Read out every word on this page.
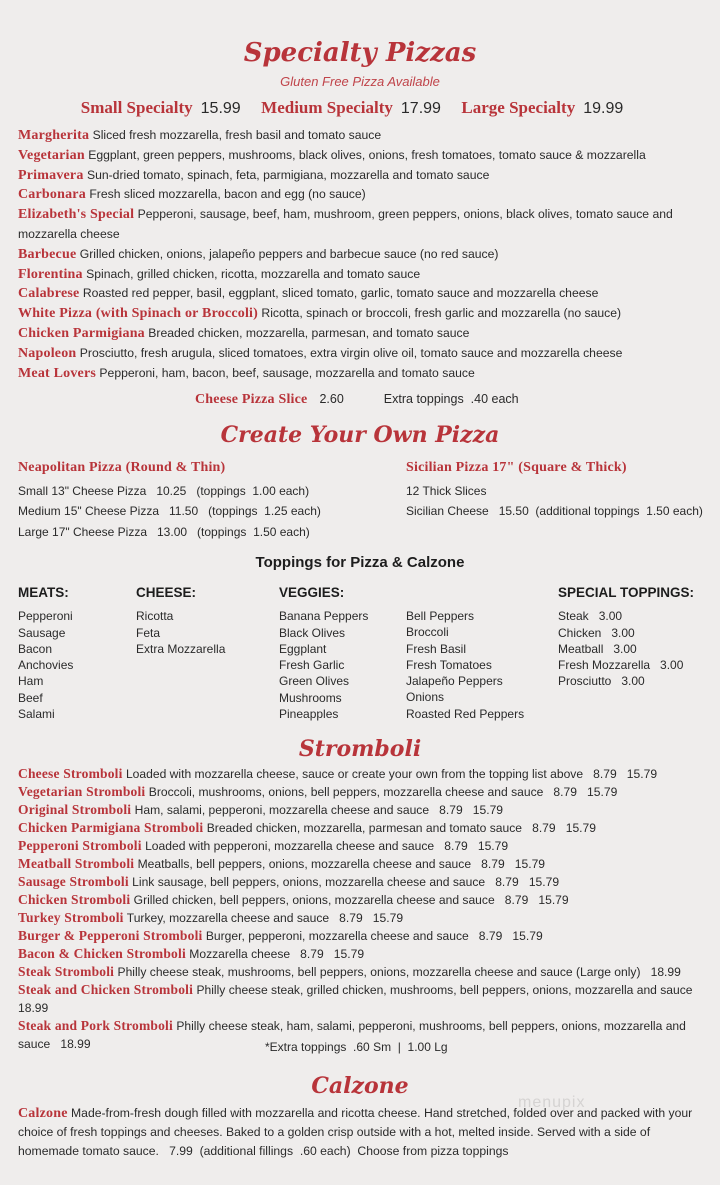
Specialty Pizzas
Gluten Free Pizza Available
Small Specialty 15.99 Medium Specialty 17.99 Large Specialty 19.99

Margherita Sliced fresh mozzarella, fresh basil and tomato sauce

Vegetarian Eggplant, green peppers, mushrooms, black olives, onions, fresh tomatoes, tomato sauce & mozzarella

Primavera Sun-dried tomato, spinach, feta, parmigiana, mozzarella and tomato sauce

Carbonara Fresh sliced mozzarella, bacon and egg (no sauce)

Elizabeth's Special Pepperoni, sausage, beef, ham, mushroom, green peppers, onions, black olives, tomato sauce and mozzarella cheese

Barbecue Grilled chicken, onions, jalapeño peppers and barbecue sauce (no red sauce)

Florentina Spinach, grilled chicken, ricotta, mozzarella and tomato sauce

Calabrese Roasted red pepper, basil, eggplant, sliced tomato, garlic, tomato sauce and mozzarella cheese

White Pizza (with Spinach or Broccoli) Ricotta, spinach or broccoli, fresh garlic and mozzarella (no sauce)

Chicken Parmigiana Breaded chicken, mozzarella, parmesan, and tomato sauce

Napoleon Prosciutto, fresh arugula, sliced tomatoes, extra virgin olive oil, tomato sauce and mozzarella cheese

Meat Lovers Pepperoni, ham, bacon, beef, sausage, mozzarella and tomato sauce

Cheese Pizza Slice 2.60	Extra toppings  .40 each
Create Your Own Pizza
Neapolitan Pizza (Round & Thin)
Small 13" Cheese Pizza   10.25   (toppings  1.00 each)
Medium 15" Cheese Pizza   11.50   (toppings  1.25 each)
Large 17" Cheese Pizza   13.00   (toppings  1.50 each)
Sicilian Pizza 17" (Square & Thick)
12 Thick Slices
Sicilian Cheese   15.50  (additional toppings  1.50 each)
Toppings for Pizza & Calzone
MEATS:
Pepperoni
Sausage
Bacon
Anchovies
Ham
Beef
Salami
CHEESE:
Ricotta
Feta
Extra Mozzarella
VEGGIES:
Banana Peppers
Black Olives
Eggplant
Fresh Garlic
Green Olives
Mushrooms
Pineapples
Bell Peppers
Broccoli
Fresh Basil
Fresh Tomatoes
Jalapeño Peppers
Onions
Roasted Red Peppers
SPECIAL TOPPINGS:
Steak   3.00
Chicken   3.00
Meatball   3.00
Fresh Mozzarella   3.00
Prosciutto   3.00
Stromboli

Cheese Stromboli Loaded with mozzarella cheese, sauce or create your own from the topping list above   8.79   15.79

Vegetarian Stromboli Broccoli, mushrooms, onions, bell peppers, mozzarella cheese and sauce   8.79   15.79

Original Stromboli Ham, salami, pepperoni, mozzarella cheese and sauce   8.79   15.79

Chicken Parmigiana Stromboli Breaded chicken, mozzarella, parmesan and tomato sauce   8.79   15.79

Pepperoni Stromboli Loaded with pepperoni, mozzarella cheese and sauce   8.79   15.79

Meatball Stromboli Meatballs, bell peppers, onions, mozzarella cheese and sauce   8.79   15.79

Sausage Stromboli Link sausage, bell peppers, onions, mozzarella cheese and sauce   8.79   15.79

Chicken Stromboli Grilled chicken, bell peppers, onions, mozzarella cheese and sauce   8.79   15.79

Turkey Stromboli Turkey, mozzarella cheese and sauce   8.79   15.79

Burger & Pepperoni Stromboli Burger, pepperoni, mozzarella cheese and sauce   8.79   15.79

Bacon & Chicken Stromboli Mozzarella cheese   8.79   15.79

Steak Stromboli Philly cheese steak, mushrooms, bell peppers, onions, mozzarella cheese and sauce (Large only)   18.99

Steak and Chicken Stromboli Philly cheese steak, grilled chicken, mushrooms, bell peppers, onions, mozzarella and sauce   18.99

Steak and Pork Stromboli Philly cheese steak, ham, salami, pepperoni, mushrooms, bell peppers, onions, mozzarella and sauce   18.99	*Extra toppings  .60 Sm  |  1.00 Lg
Calzone
menupix
Calzone Made-from-fresh dough filled with mozzarella and ricotta cheese. Hand stretched, folded over and packed with your choice of fresh toppings and cheeses. Baked to a golden crisp outside with a hot, melted inside. Served with a side of homemade tomato sauce.   7.99  (additional fillings  .60 each)  Choose from pizza toppings
